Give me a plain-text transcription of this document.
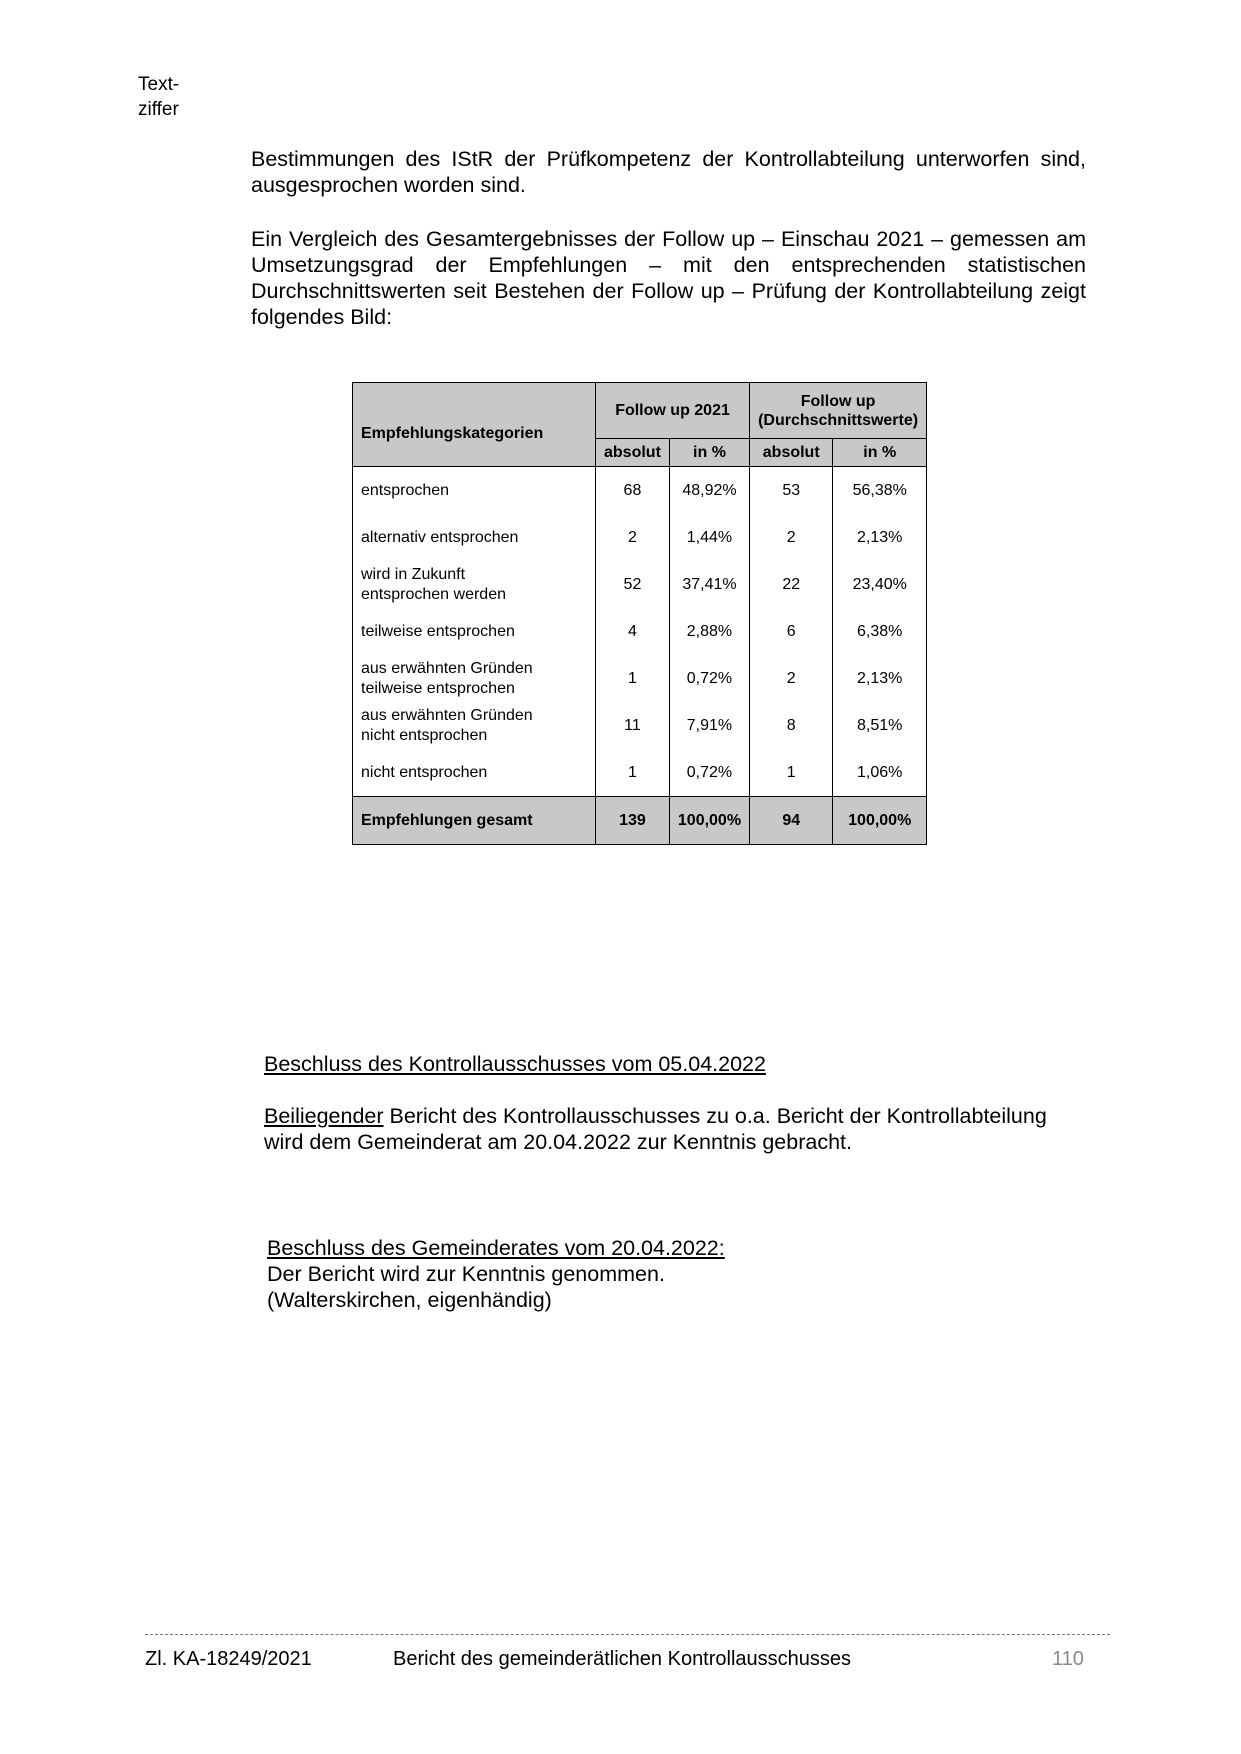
Text-
ziffer
Bestimmungen des IStR der Prüfkompetenz der Kontrollabteilung unterworfen sind, ausgesprochen worden sind.
Ein Vergleich des Gesamtergebnisses der Follow up – Einschau 2021 – gemessen am Umsetzungsgrad der Empfehlungen – mit den entsprechenden statistischen Durchschnittswerten seit Bestehen der Follow up – Prüfung der Kontrollabteilung zeigt folgendes Bild:
Empfehlungskategorien	Follow up 2021		Follow up
(Durchschnittswerte)	

	absolut	in %	absolut	in %

entsprochen	68	48,92%	53	56,38%

alternativ entsprochen	2	1,44%	2	2,13%

wird in Zukunft
entsprochen werden	52	37,41%	22	23,40%

teilweise entsprochen	4	2,88%	6	6,38%

aus erwähnten Gründen
teilweise entsprochen	1	0,72%	2	2,13%

aus erwähnten Gründen
nicht entsprochen	11	7,91%	8	8,51%

nicht entsprochen	1	0,72%	1	1,06%
Empfehlungen gesamt	139	100,00%	94	100,00%
Beschluss des Kontrollausschusses vom 05.04.2022
Beiliegender Bericht des Kontrollausschusses zu o.a. Bericht der Kontrollabteilung
wird dem Gemeinderat am 20.04.2022 zur Kenntnis gebracht.
Beschluss des Gemeinderates vom 20.04.2022:
Der Bericht wird zur Kenntnis genommen.
(Walterskirchen, eigenhändig)
Zl. KA-18249/2021	Bericht des gemeinderätlichen Kontrollausschusses	110
